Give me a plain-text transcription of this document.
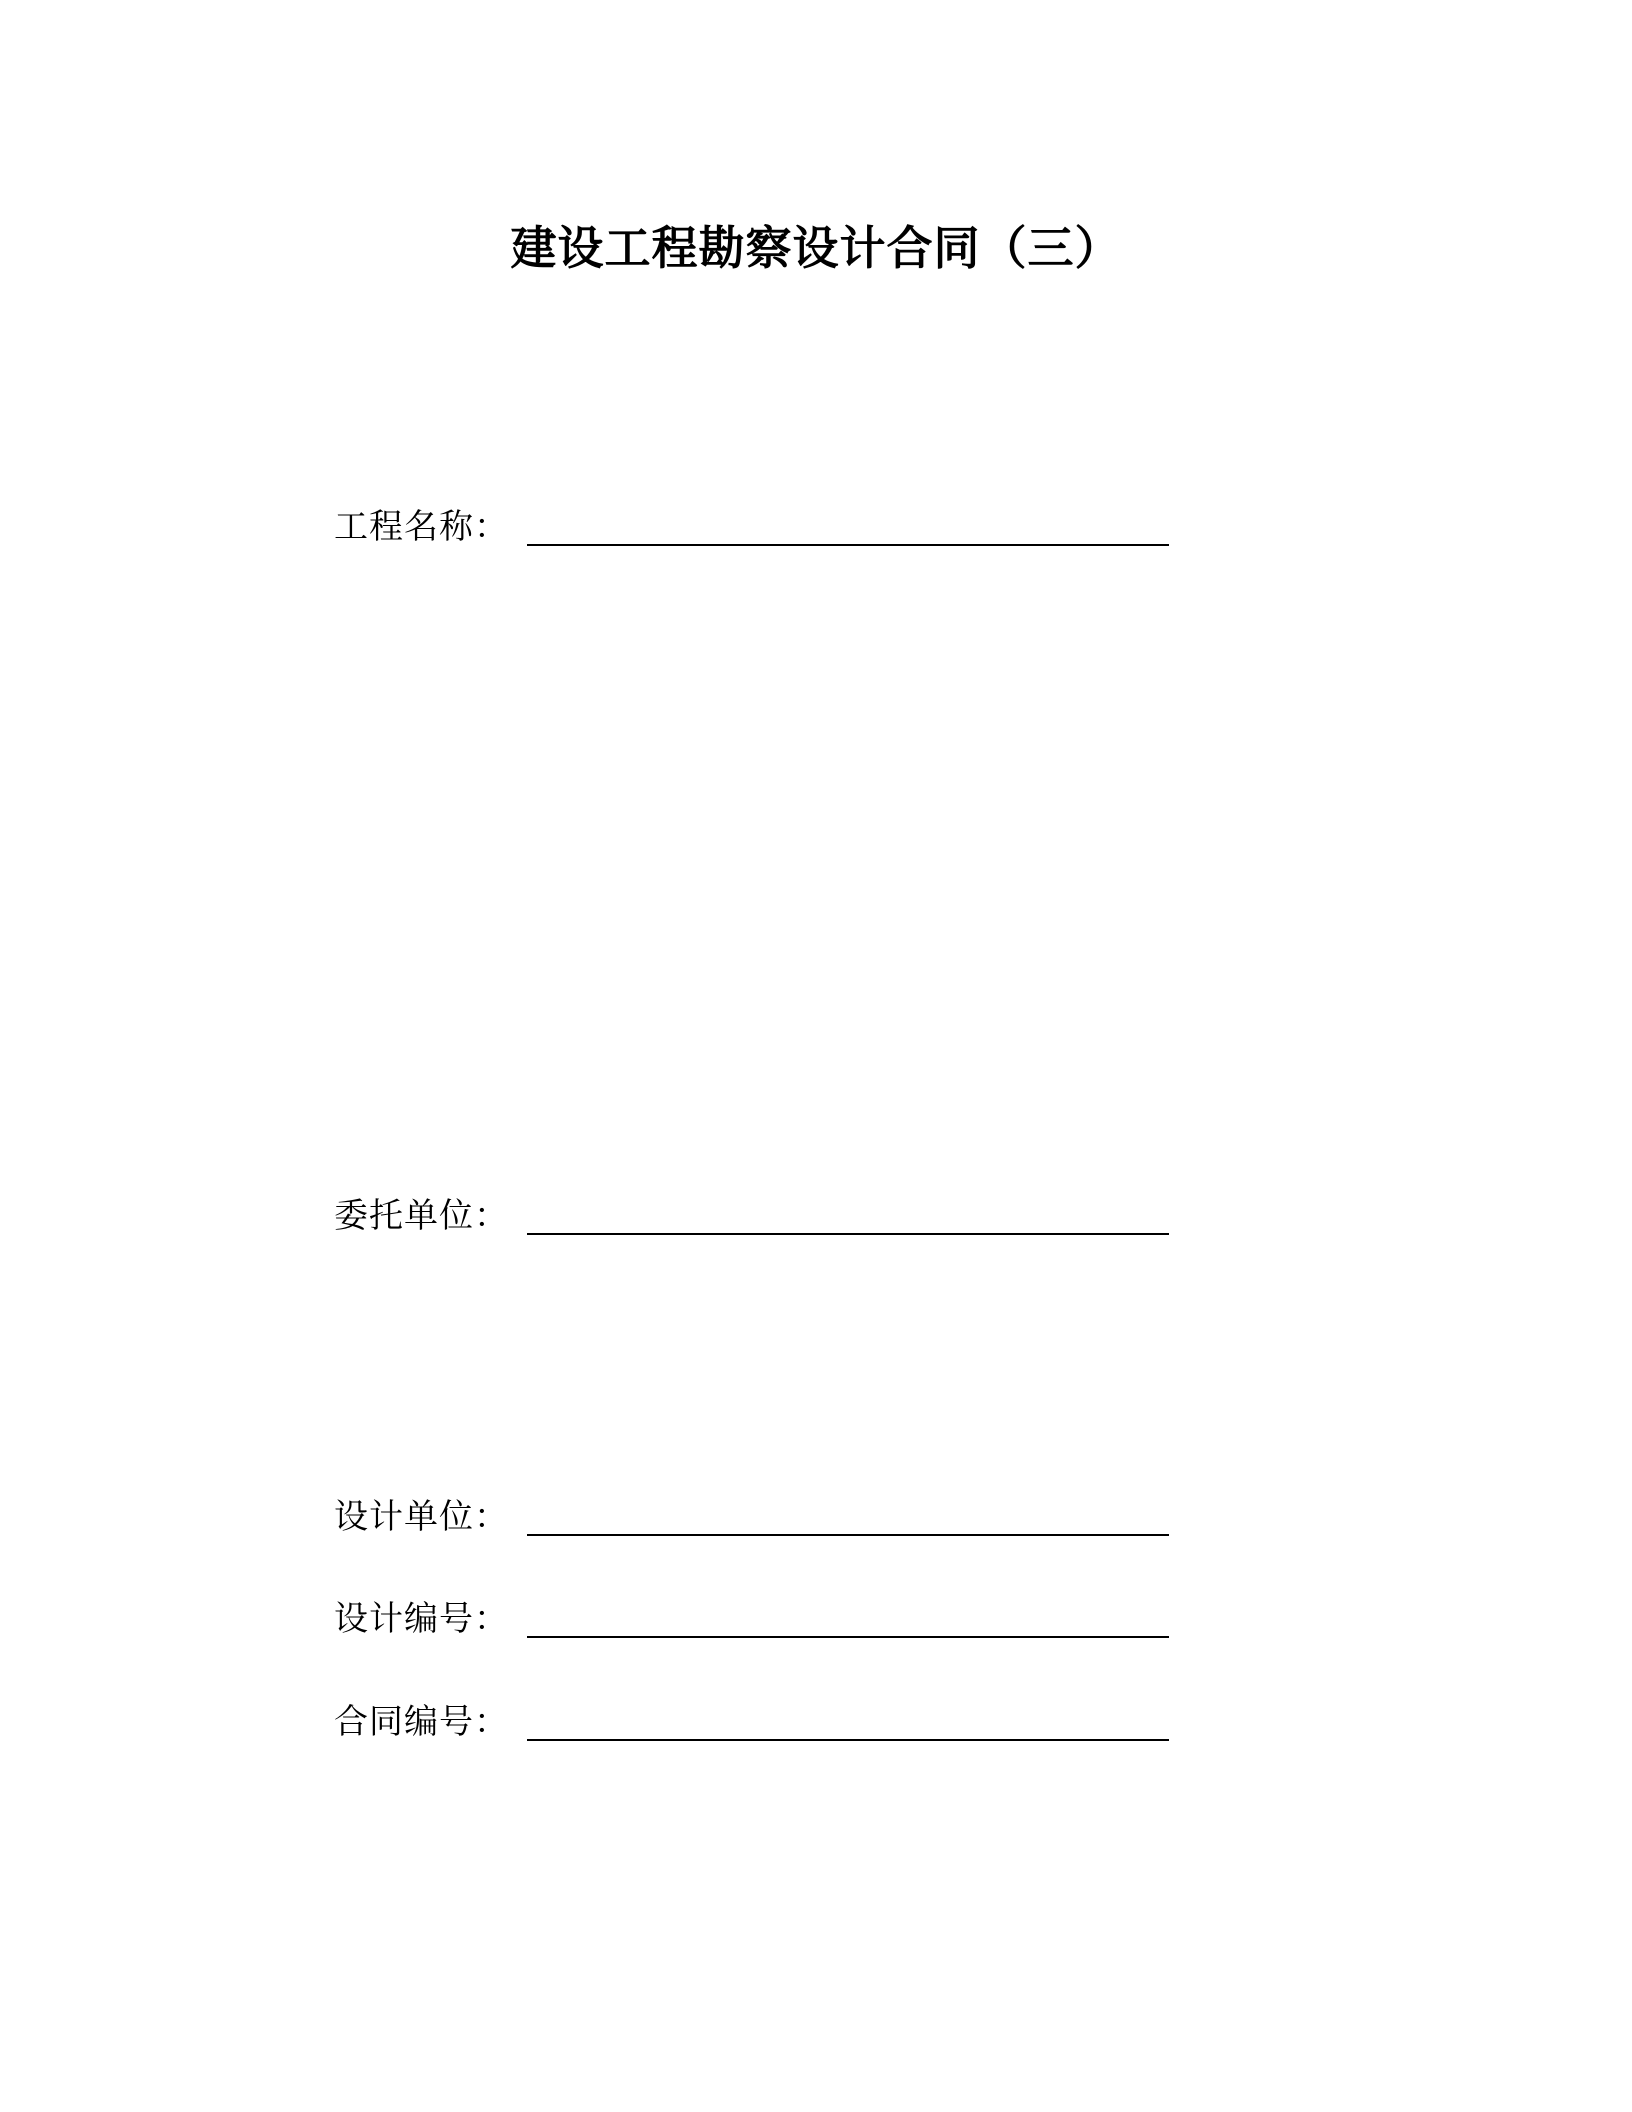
建设工程勘察设计合同（三）
工程名称：
委托单位：
设计单位：
设计编号：
合同编号：
